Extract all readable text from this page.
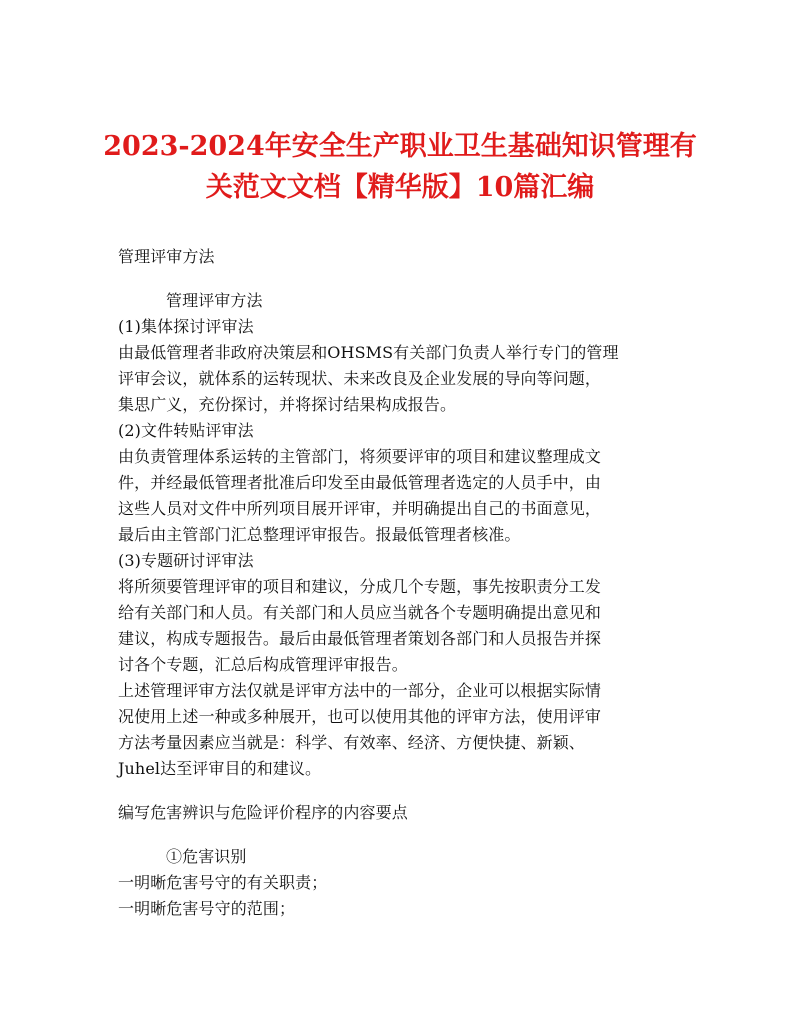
2023-2024年安全生产职业卫生基础知识管理有
关范文文档【精华版】10篇汇编
管理评审方法
管理评审方法
(1)集体探讨评审法
由最低管理者非政府决策层和OHSMS有关部门负责人举行专门的管理
评审会议，就体系的运转现状、未来改良及企业发展的导向等问题，
集思广义，充份探讨，并将探讨结果构成报告。
(2)文件转贴评审法
由负责管理体系运转的主管部门，将须要评审的项目和建议整理成文
件，并经最低管理者批准后印发至由最低管理者选定的人员手中，由
这些人员对文件中所列项目展开评审，并明确提出自己的书面意见，
最后由主管部门汇总整理评审报告。报最低管理者核准。
(3)专题研讨评审法
将所须要管理评审的项目和建议，分成几个专题，事先按职责分工发
给有关部门和人员。有关部门和人员应当就各个专题明确提出意见和
建议，构成专题报告。最后由最低管理者策划各部门和人员报告并探
讨各个专题，汇总后构成管理评审报告。
上述管理评审方法仅就是评审方法中的一部分，企业可以根据实际情
况使用上述一种或多种展开，也可以使用其他的评审方法，使用评审
方法考量因素应当就是：科学、有效率、经济、方便快捷、新颖、
Juhel达至评审目的和建议。
编写危害辨识与危险评价程序的内容要点
①危害识别
一明晰危害号守的有关职责；
一明晰危害号守的范围；
